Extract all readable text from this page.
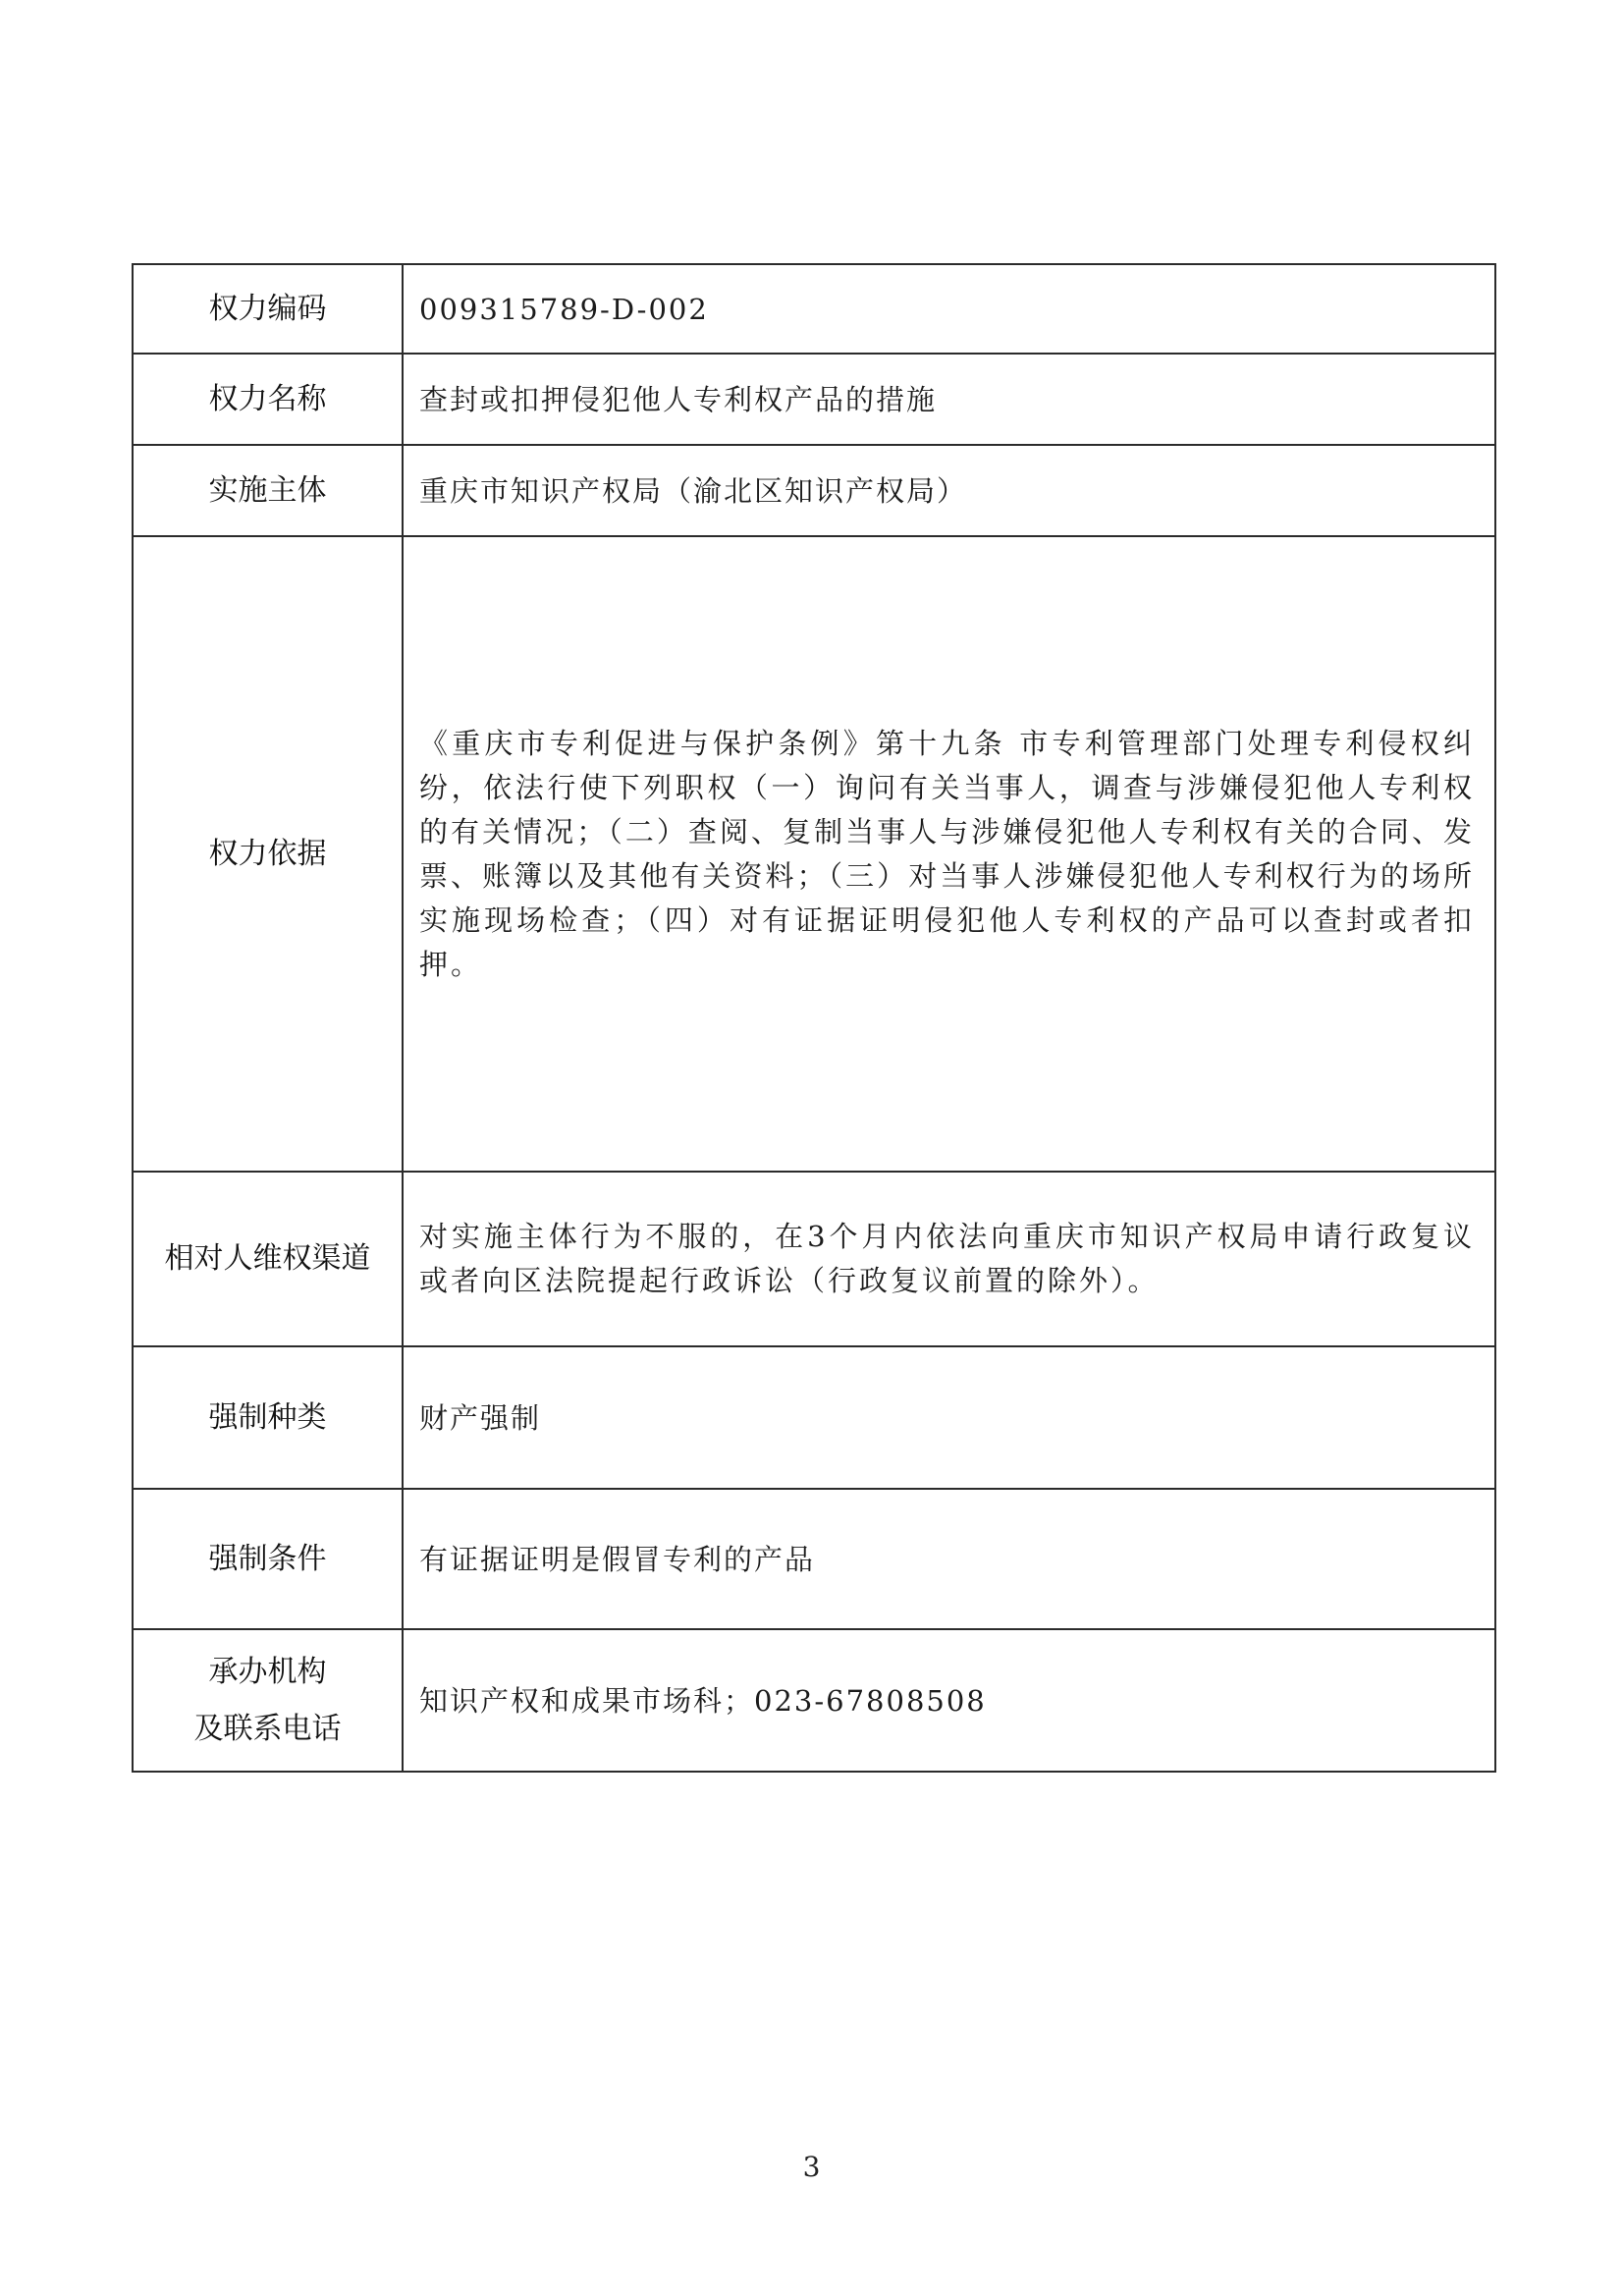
权力编码	009315789-D-002
权力名称	查封或扣押侵犯他人专利权产品的措施
实施主体	重庆市知识产权局（渝北区知识产权局）
权力依据	《重庆市专利促进与保护条例》第十九条 市专利管理部门处理专利侵权纠纷，依法行使下列职权（一）询问有关当事人，调查与涉嫌侵犯他人专利权的有关情况；（二）查阅、复制当事人与涉嫌侵犯他人专利权有关的合同、发票、账簿以及其他有关资料；（三）对当事人涉嫌侵犯他人专利权行为的场所实施现场检查；（四）对有证据证明侵犯他人专利权的产品可以查封或者扣押。
相对人维权渠道	对实施主体行为不服的，在3个月内依法向重庆市知识产权局申请行政复议或者向区法院提起行政诉讼（行政复议前置的除外）。
强制种类	财产强制
强制条件	有证据证明是假冒专利的产品

承办机构
及联系电话	知识产权和成果市场科；023-67808508
3
